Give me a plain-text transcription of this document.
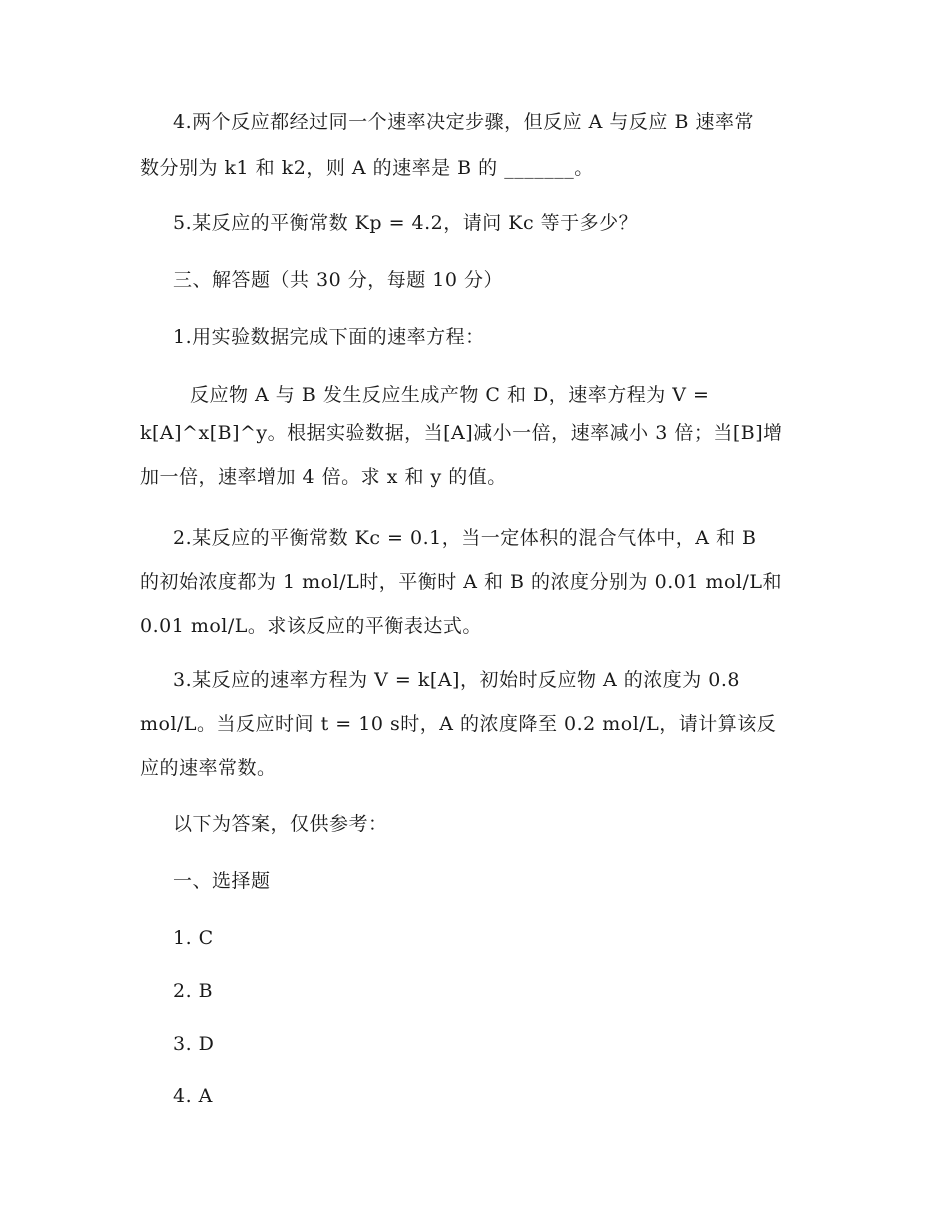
4.两个反应都经过同一个速率决定步骤，但反应 A 与反应 B 速率常
数分别为 k1 和 k2，则 A 的速率是 B 的 _______。

5.某反应的平衡常数 Kp = 4.2，请问 Kc 等于多少？

三、解答题（共 30 分，每题 10 分）

1.用实验数据完成下面的速率方程：

反应物 A 与 B 发生反应生成产物 C 和 D，速率方程为 V =
k[A]^x[B]^y。根据实验数据，当[A]减小一倍，速率减小 3 倍；当[B]增
加一倍，速率增加 4 倍。求 x 和 y 的值。

2.某反应的平衡常数 Kc = 0.1，当一定体积的混合气体中，A 和 B
的初始浓度都为 1 mol/L时，平衡时 A 和 B 的浓度分别为 0.01 mol/L和
0.01 mol/L。求该反应的平衡表达式。

3.某反应的速率方程为 V = k[A]，初始时反应物 A 的浓度为 0.8
mol/L。当反应时间 t = 10 s时，A 的浓度降至 0.2 mol/L，请计算该反
应的速率常数。

以下为答案，仅供参考：

一、选择题

1. C

2. B

3. D

4. A
